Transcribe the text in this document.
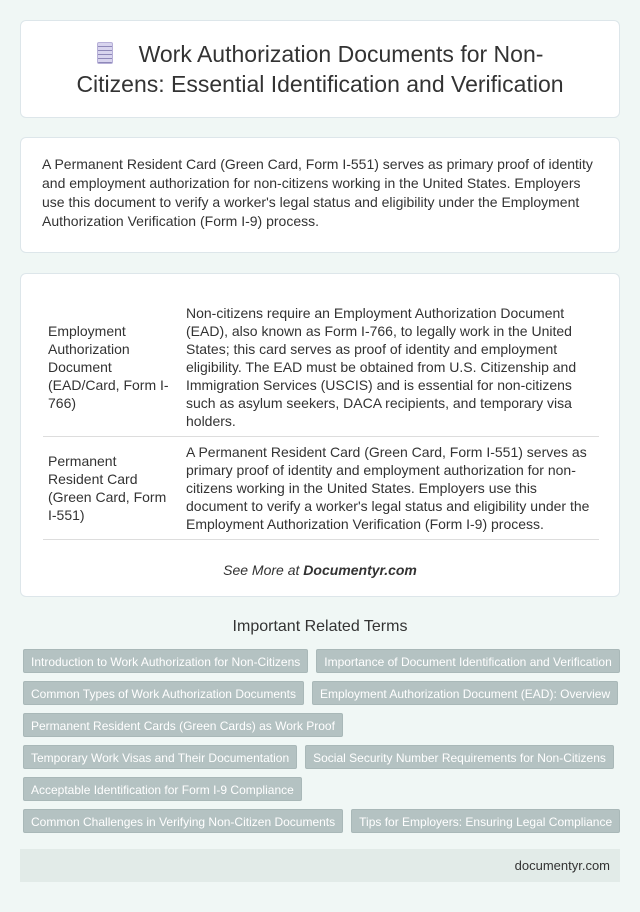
Work Authorization Documents for Non-Citizens: Essential Identification and Verification

A Permanent Resident Card (Green Card, Form I-551) serves as primary proof of identity and employment authorization for non-citizens working in the United States. Employers use this document to verify a worker's legal status and eligibility under the Employment Authorization Verification (Form I-9) process.

Employment Authorization Document (EAD/Card, Form I-766)	Non-citizens require an Employment Authorization Document (EAD), also known as Form I-766, to legally work in the United States; this card serves as proof of identity and employment eligibility. The EAD must be obtained from U.S. Citizenship and Immigration Services (USCIS) and is essential for non-citizens such as asylum seekers, DACA recipients, and temporary visa holders.
Permanent Resident Card (Green Card, Form I-551)	A Permanent Resident Card (Green Card, Form I-551) serves as primary proof of identity and employment authorization for non-citizens working in the United States. Employers use this document to verify a worker's legal status and eligibility under the Employment Authorization Verification (Form I-9) process.

See More at Documentyr.com

Important Related Terms
Introduction to Work Authorization for Non-Citizens	Importance of Document Identification and Verification
Common Types of Work Authorization Documents	Employment Authorization Document (EAD): Overview
Permanent Resident Cards (Green Cards) as Work Proof
Temporary Work Visas and Their Documentation	Social Security Number Requirements for Non-Citizens
Acceptable Identification for Form I-9 Compliance
Common Challenges in Verifying Non-Citizen Documents	Tips for Employers: Ensuring Legal Compliance
documentyr.com
